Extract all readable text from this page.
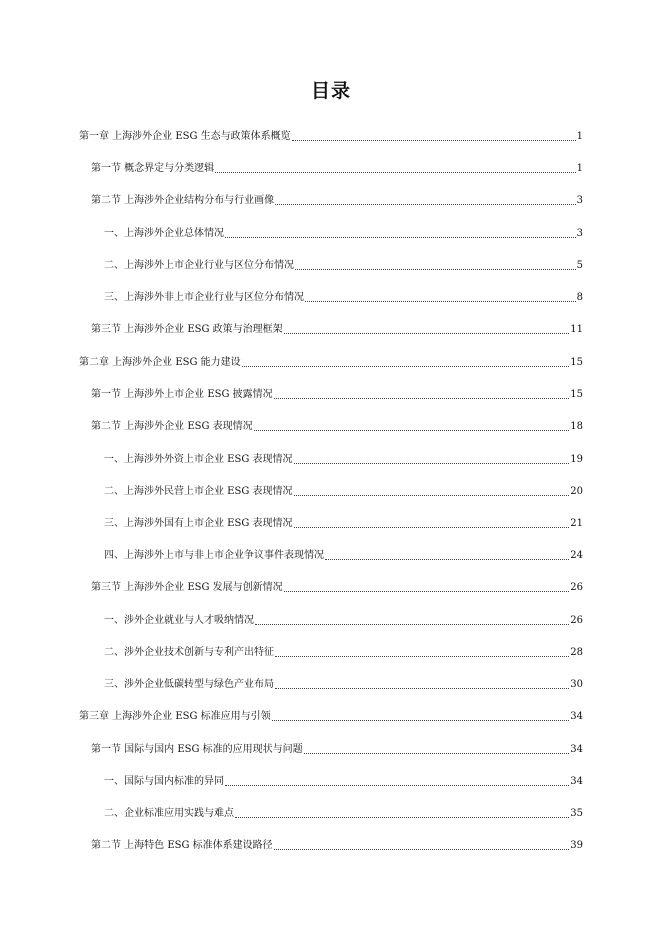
目录
第一章 上海涉外企业 ESG 生态与政策体系概览	1
第一节 概念界定与分类逻辑	1
第二节 上海涉外企业结构分布与行业画像	3
一、上海涉外企业总体情况	3
二、上海涉外上市企业行业与区位分布情况	5
三、上海涉外非上市企业行业与区位分布情况	8
第三节 上海涉外企业 ESG 政策与治理框架	11
第二章 上海涉外企业 ESG 能力建设	15
第一节 上海涉外上市企业 ESG 披露情况	15
第二节 上海涉外企业 ESG 表现情况	18
一、上海涉外外资上市企业 ESG 表现情况	19
二、上海涉外民营上市企业 ESG 表现情况	20
三、上海涉外国有上市企业 ESG 表现情况	21
四、上海涉外上市与非上市企业争议事件表现情况	24
第三节 上海涉外企业 ESG 发展与创新情况	26
一、涉外企业就业与人才吸纳情况	26
二、涉外企业技术创新与专利产出特征	28
三、涉外企业低碳转型与绿色产业布局	30
第三章 上海涉外企业 ESG 标准应用与引领	34
第一节 国际与国内 ESG 标准的应用现状与问题	34
一、国际与国内标准的异同	34
二、企业标准应用实践与难点	35
第二节 上海特色 ESG 标准体系建设路径	39
